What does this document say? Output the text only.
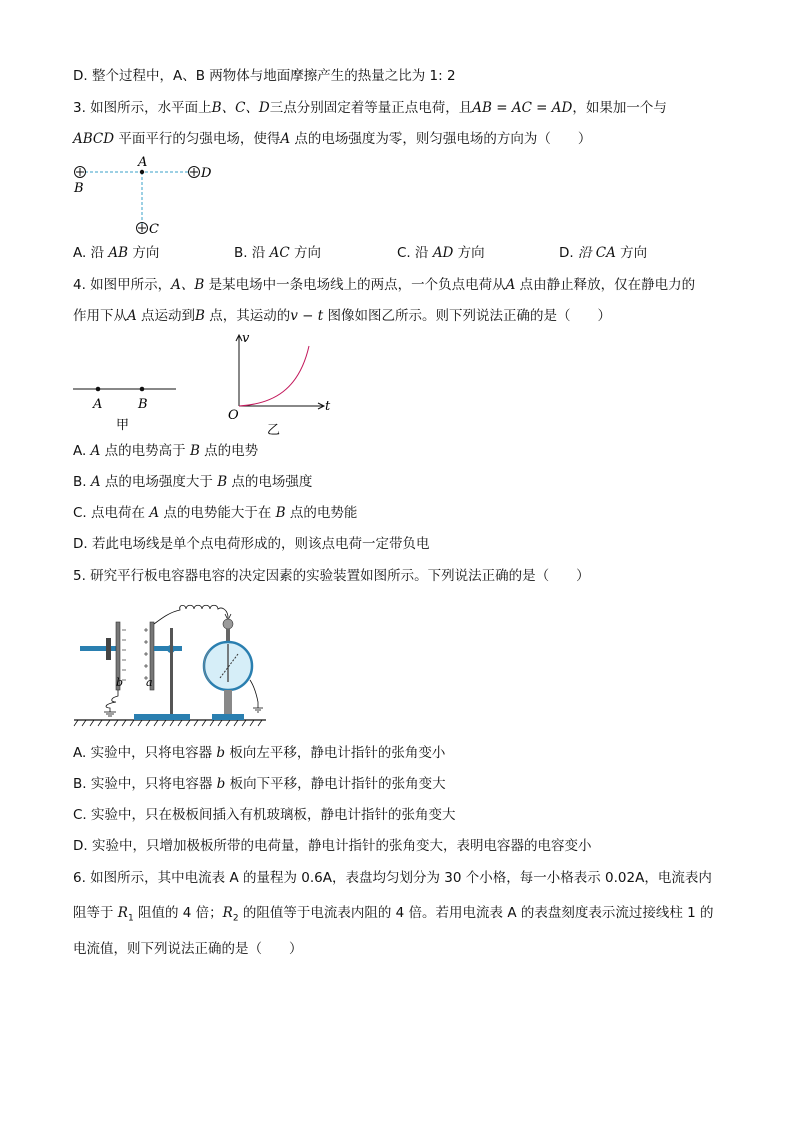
D. 整个过程中，A、B 两物体与地面摩擦产生的热量之比为 1: 2
3. 如图所示，水平面上B、C、D三点分别固定着等量正点电荷，且AB = AC = AD，如果加一个与
ABCD 平面平行的匀强电场，使得A 点的电场强度为零，则匀强电场的方向为（　　）
A
B
D
C
A. 沿 AB 方向	B. 沿 AC 方向	C. 沿 AD 方向	D. 沿 CA 方向
4. 如图甲所示，A、B 是某电场中一条电场线上的两点，一个负点电荷从A 点由静止释放，仅在静电力的
作用下从A 点运动到B 点，其运动的v − t 图像如图乙所示。则下列说法正确的是（　　）
A	B
甲
v
t
O
乙
A. A 点的电势高于 B 点的电势
B. A 点的电场强度大于 B 点的电场强度
C. 点电荷在 A 点的电势能大于在 B 点的电势能
D. 若此电场线是单个点电荷形成的，则该点电荷一定带负电
5. 研究平行板电容器电容的决定因素的实验装置如图所示。下列说法正确的是（　　）
b a
A. 实验中，只将电容器 b 板向左平移，静电计指针的张角变小
B. 实验中，只将电容器 b 板向下平移，静电计指针的张角变大
C. 实验中，只在极板间插入有机玻璃板，静电计指针的张角变大
D. 实验中，只增加极板所带的电荷量，静电计指针的张角变大，表明电容器的电容变小
6. 如图所示，其中电流表 A 的量程为 0.6A，表盘均匀划分为 30 个小格，每一小格表示 0.02A，电流表内
阻等于 $R_1$ 阻值的 4 倍；$R_2$ 的阻值等于电流表内阻的 4 倍。若用电流表 A 的表盘刻度表示流过接线柱 1 的
电流值，则下列说法正确的是（　　）
